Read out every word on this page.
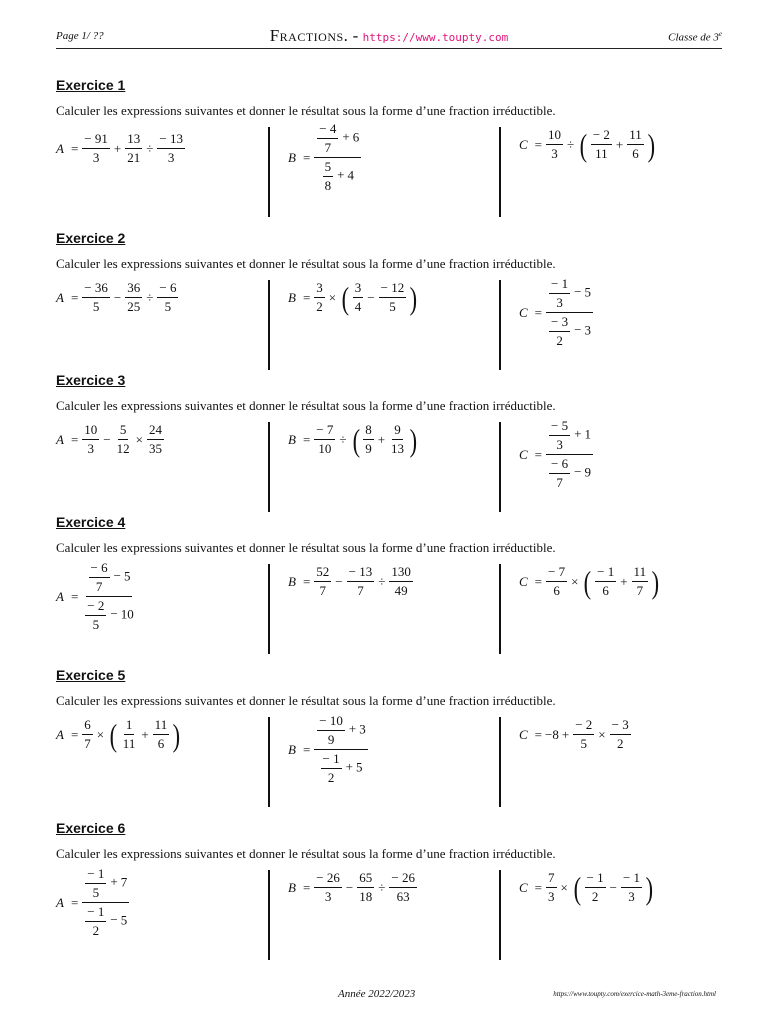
Page 1/ ??	Fractions. - https://www.toupty.com	Classe de 3e
Exercice 1
Calculer les expressions suivantes et donner le résultat sous la forme d’une fraction irréductible.
$A = \frac{- 91}{3} + \frac{13}{21} \div \frac{- 13}{3}$	$B = \frac{\frac{- 4}{7} + 6}{\frac{5}{8} + 4}$	$C = \frac{10}{3}$ ÷ ( $\frac{- 2}{11} + \frac{11}{6}$ )
Exercice 2
Calculer les expressions suivantes et donner le résultat sous la forme d’une fraction irréductible.
$A = \frac{- 36}{5} - \frac{36}{25} \div \frac{- 6}{5}$	$B = \frac{3}{2}$ × ( $\frac{3}{4} - \frac{- 12}{5}$ )	$C = \frac{\frac{- 1}{3} - 5}{\frac{- 3}{2} - 3}$
Exercice 3
Calculer les expressions suivantes et donner le résultat sous la forme d’une fraction irréductible.
$A = \frac{10}{3} - \frac{5}{12} \times \frac{24}{35}$	$B = \frac{- 7}{10}$ ÷ ( $\frac{8}{9} + \frac{9}{13}$ )	$C = \frac{\frac{- 5}{3} + 1}{\frac{- 6}{7} - 9}$
Exercice 4
Calculer les expressions suivantes et donner le résultat sous la forme d’une fraction irréductible.
$A = \frac{\frac{- 6}{7} - 5}{\frac{- 2}{5} - 10}$	$B = \frac{52}{7} - \frac{- 13}{7} \div \frac{130}{49}$	$C = \frac{- 7}{6}$ × ( $\frac{- 1}{6} + \frac{11}{7}$ )
Exercice 5
Calculer les expressions suivantes et donner le résultat sous la forme d’une fraction irréductible.
$A = \frac{6}{7}$ × ( $\frac{1}{11} + \frac{11}{6}$ )	$B = \frac{\frac{- 10}{9} + 3}{\frac{- 1}{2} + 5}$	$C = -8 + \frac{- 2}{5} \times \frac{- 3}{2}$
Exercice 6
Calculer les expressions suivantes et donner le résultat sous la forme d’une fraction irréductible.
$A = \frac{\frac{- 1}{5} + 7}{\frac{- 1}{2} - 5}$	$B = \frac{- 26}{3} - \frac{65}{18} \div \frac{- 26}{63}$	$C = \frac{7}{3}$ × ( $\frac{- 1}{2} - \frac{- 1}{3}$ )
Année 2022/2023	https://www.toupty.com/exercice-math-3eme-fraction.html
